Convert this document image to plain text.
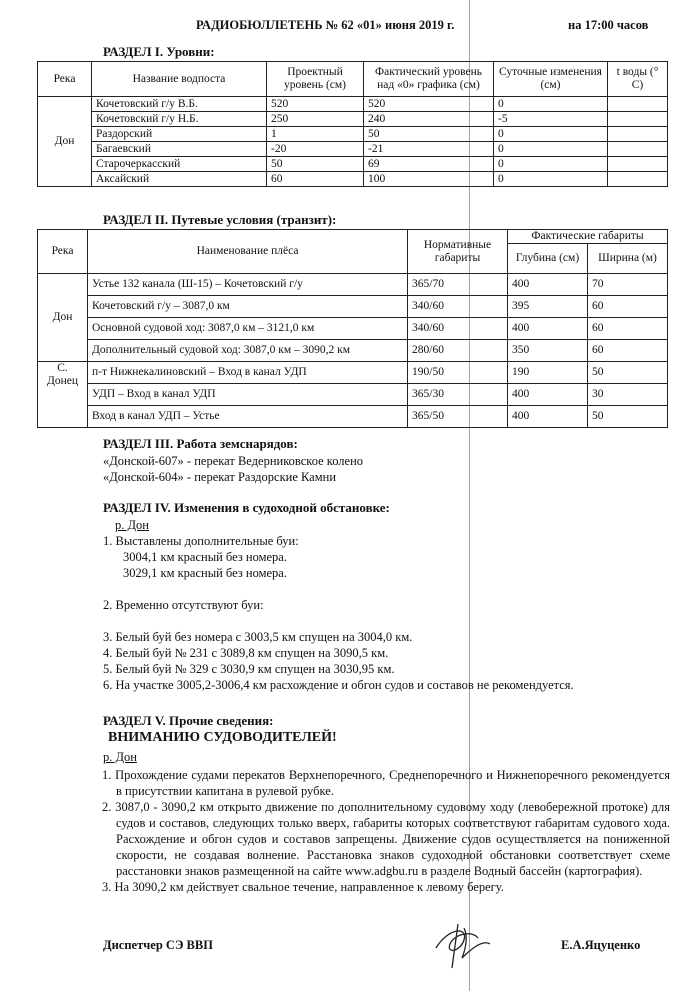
РАДИОБЮЛЛЕТЕНЬ № 62 «01» июня 2019 г.	на 17:00 часов
РАЗДЕЛ I. Уровни:
Река	Название водпоста	Проектный уровень (см)	Фактический уровень над «0» графика (см)	Суточные изменения (см)	t воды (° С)
Дон	Кочетовский г/у В.Б.	520	520	0	
	Кочетовский г/у Н.Б.	250	240	-5	
	Раздорский	1	50	0	
	Багаевский	-20	-21	0	
	Старочеркасский	50	69	0	
	Аксайский	60	100	0	
РАЗДЕЛ II. Путевые условия (транзит):
Река	Наименование плёса	Нормативные габариты	Фактические габариты	
			Глубина (см)	Ширина (м)
Дон	Устье 132 канала (Ш-15) – Кочетовский г/у	365/70	400	70
	Кочетовский г/у – 3087,0 км	340/60	395	60
	Основной судовой ход: 3087,0 км – 3121,0 км	340/60	400	60
	Дополнительный судовой ход: 3087,0 км – 3090,2 км	280/60	350	60
С. Донец	п-т Нижнекалиновский – Вход в канал УДП	190/50	190	50
	УДП – Вход в канал УДП	365/30	400	30
	Вход в канал УДП – Устье	365/50	400	50
РАЗДЕЛ III. Работа земснарядов:
«Донской-607» - перекат Ведерниковское колено
«Донской-604» - перекат Раздорские Камни
РАЗДЕЛ IV. Изменения в судоходной обстановке:
р. Дон
1. Выставлены дополнительные буи:
3004,1 км красный без номера.
3029,1 км красный без номера.
2. Временно отсутствуют буи:
3. Белый буй без номера с 3003,5 км спущен на 3004,0 км.
4. Белый буй № 231 с 3089,8 км спущен на 3090,5 км.
5. Белый буй № 329 с 3030,9 км спущен на 3030,95 км.
6. На участке 3005,2-3006,4 км расхождение и обгон судов и составов не рекомендуется.
РАЗДЕЛ V. Прочие сведения:
ВНИМАНИЮ СУДОВОДИТЕЛЕЙ!
р. Дон
1. Прохождение судами перекатов Верхнепоречного, Среднепоречного и Нижнепоречного рекомендуется в присутствии капитана в рулевой рубке.
2. 3087,0 - 3090,2 км открыто движение по дополнительному судовому ходу (левобережной протоке) для судов и составов, следующих только вверх, габариты которых соответствуют габаритам судового хода. Расхождение и обгон судов и составов запрещены. Движение судов осуществляется на пониженной скорости, не создавая волнение. Расстановка знаков судоходной обстановки соответствует схеме расстановки знаков размещенной на сайте www.adgbu.ru в разделе Водный бассейн (картография).
3. На 3090,2 км действует свальное течение, направленное к левому берегу.
Диспетчер СЭ ВВП	Е.А.Яцуценко
